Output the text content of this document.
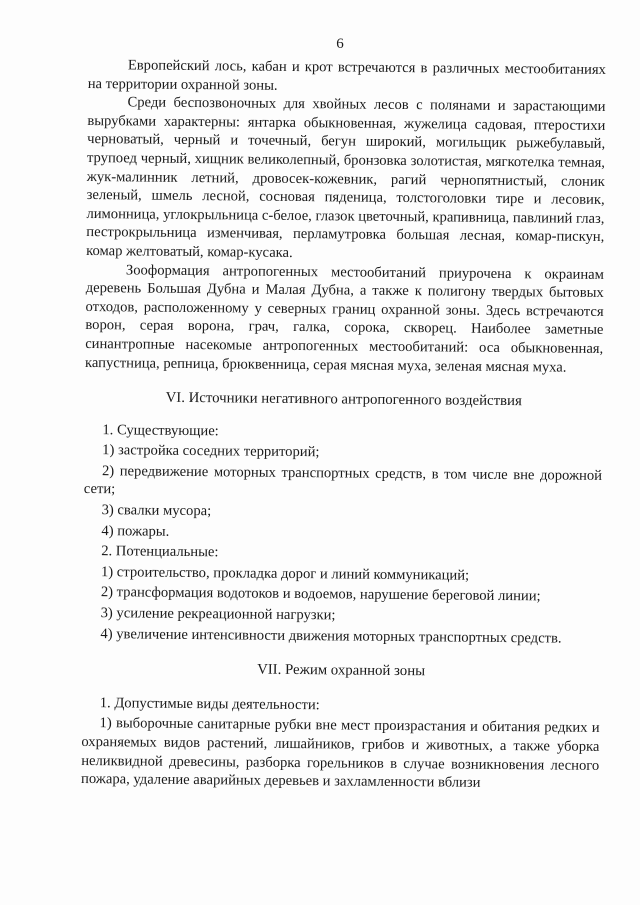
6

Европейский лось, кабан и крот встречаются в различных местообитаниях на территории охранной зоны.

Среди беспозвоночных для хвойных лесов с полянами и зарастающими вырубками характерны: янтарка обыкновенная, жужелица садовая, птеростихи черноватый, черный и точечный, бегун широкий, могильщик рыжебулавый, трупоед черный, хищник великолепный, бронзовка золотистая, мягкотелка темная, жук-малинник летний, дровосек-кожевник, рагий чернопятнистый, слоник зеленый, шмель лесной, сосновая пяденица, толстоголовки тире и лесовик, лимонница, углокрыльница с-белое, глазок цветочный, крапивница, павлиний глаз, пестрокрыльница изменчивая, перламутровка большая лесная, комар-пискун, комар желтоватый, комар-кусака.

Зооформация антропогенных местообитаний приурочена к окраинам деревень Большая Дубна и Малая Дубна, а также к полигону твердых бытовых отходов, расположенному у северных границ охранной зоны. Здесь встречаются ворон, серая ворона, грач, галка, сорока, скворец. Наиболее заметные синантропные насекомые антропогенных местообитаний: оса обыкновенная, капустница, репница, брюквенница, серая мясная муха, зеленая мясная муха.

VI. Источники негативного антропогенного воздействия

1. Существующие:

1) застройка соседних территорий;

2) передвижение моторных транспортных средств, в том числе вне дорожной сети;

3) свалки мусора;

4) пожары.

2. Потенциальные:

1) строительство, прокладка дорог и линий коммуникаций;

2) трансформация водотоков и водоемов, нарушение береговой линии;

3) усиление рекреационной нагрузки;

4) увеличение интенсивности движения моторных транспортных средств.

VII. Режим охранной зоны

1. Допустимые виды деятельности:

1) выборочные санитарные рубки вне мест произрастания и обитания редких и охраняемых видов растений, лишайников, грибов и животных, а также уборка неликвидной древесины, разборка горельников в случае возникновения лесного пожара, удаление аварийных деревьев и захламленности вблизи
